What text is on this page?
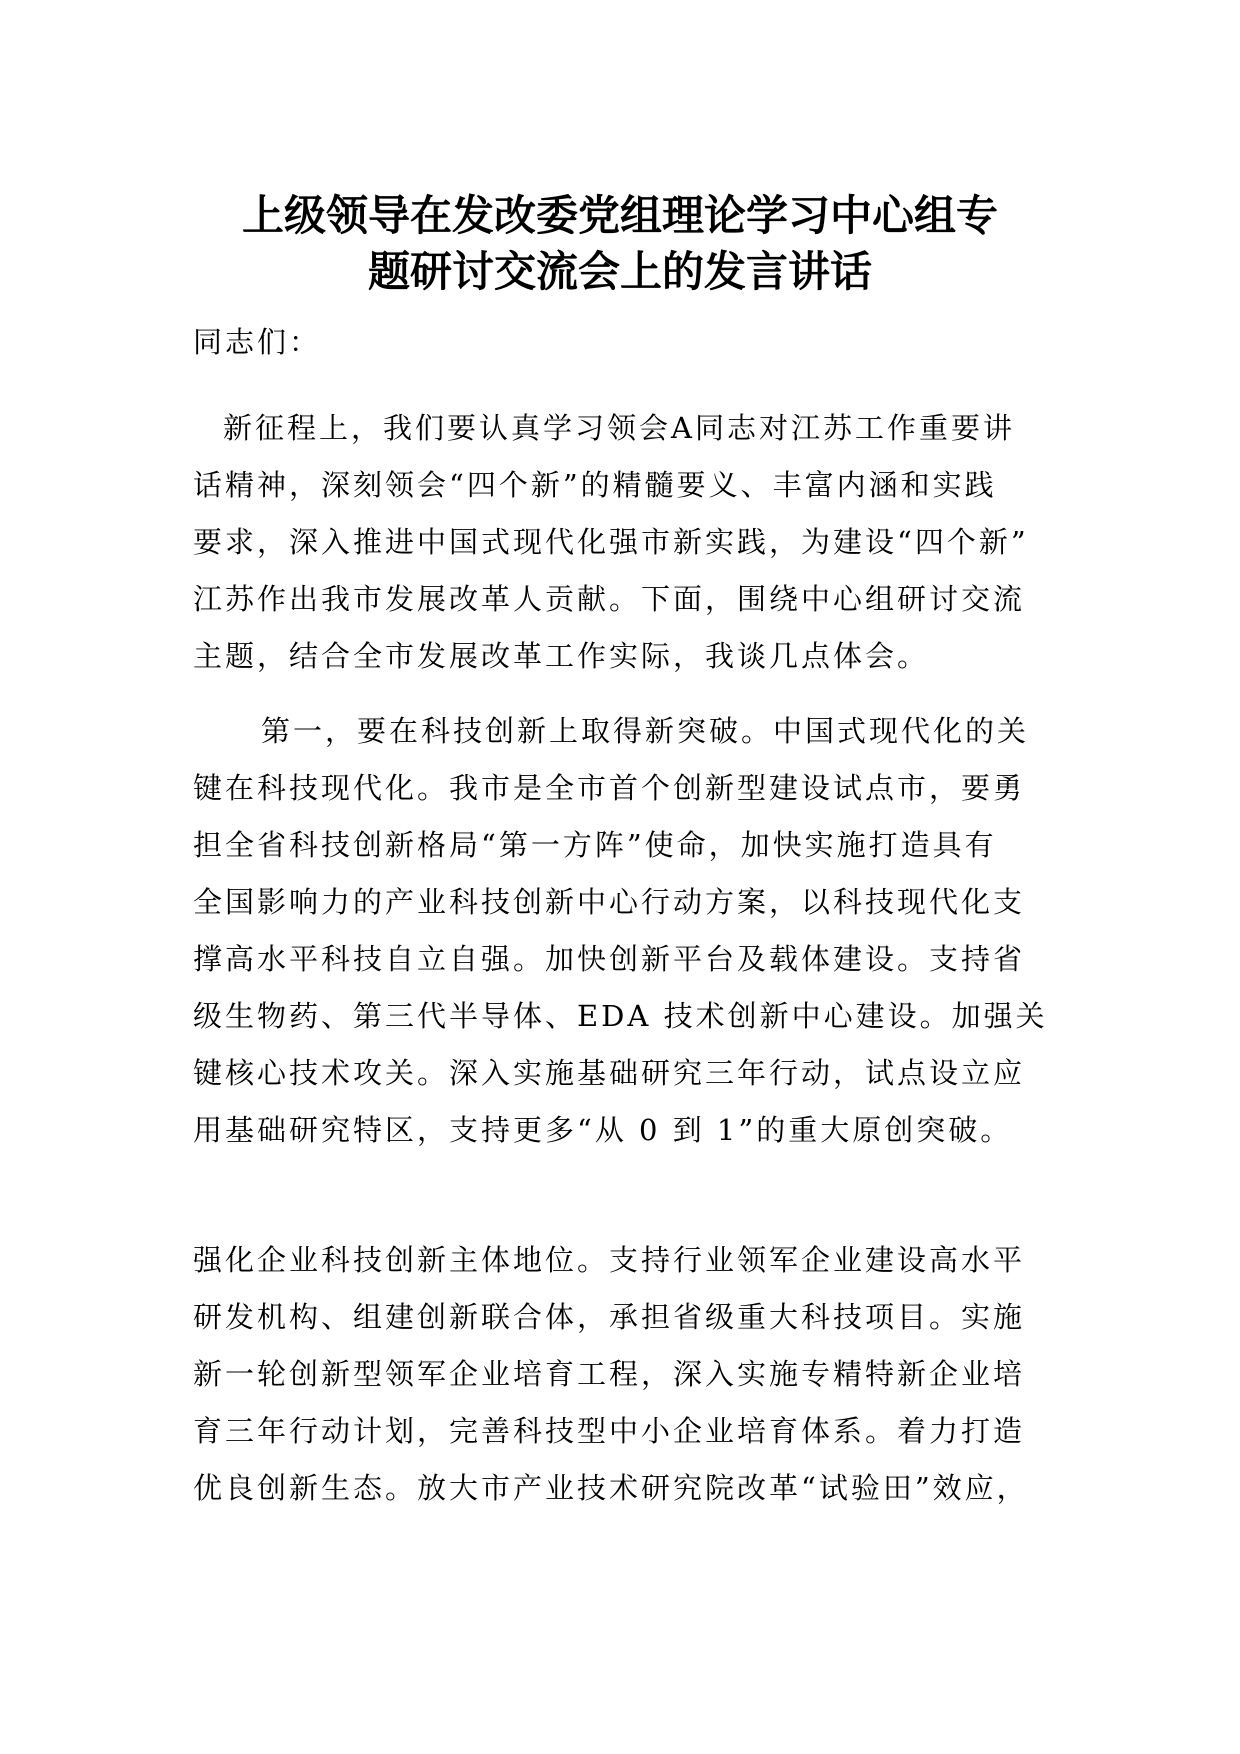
上级领导在发改委党组理论学习中心组专
题研讨交流会上的发言讲话
同志们：
新征程上，我们要认真学习领会A同志对江苏工作重要讲
话精神，深刻领会“四个新”的精髓要义、丰富内涵和实践
要求，深入推进中国式现代化强市新实践，为建设“四个新”
江苏作出我市发展改革人贡献。下面，围绕中心组研讨交流
主题，结合全市发展改革工作实际，我谈几点体会。
第一，要在科技创新上取得新突破。中国式现代化的关
键在科技现代化。我市是全市首个创新型建设试点市，要勇
担全省科技创新格局“第一方阵”使命，加快实施打造具有
全国影响力的产业科技创新中心行动方案，以科技现代化支
撑高水平科技自立自强。加快创新平台及载体建设。支持省
级生物药、第三代半导体、EDA 技术创新中心建设。加强关
键核心技术攻关。深入实施基础研究三年行动，试点设立应
用基础研究特区，支持更多“从 0 到 1”的重大原创突破。
强化企业科技创新主体地位。支持行业领军企业建设高水平
研发机构、组建创新联合体，承担省级重大科技项目。实施
新一轮创新型领军企业培育工程，深入实施专精特新企业培
育三年行动计划，完善科技型中小企业培育体系。着力打造
优良创新生态。放大市产业技术研究院改革“试验田”效应，
